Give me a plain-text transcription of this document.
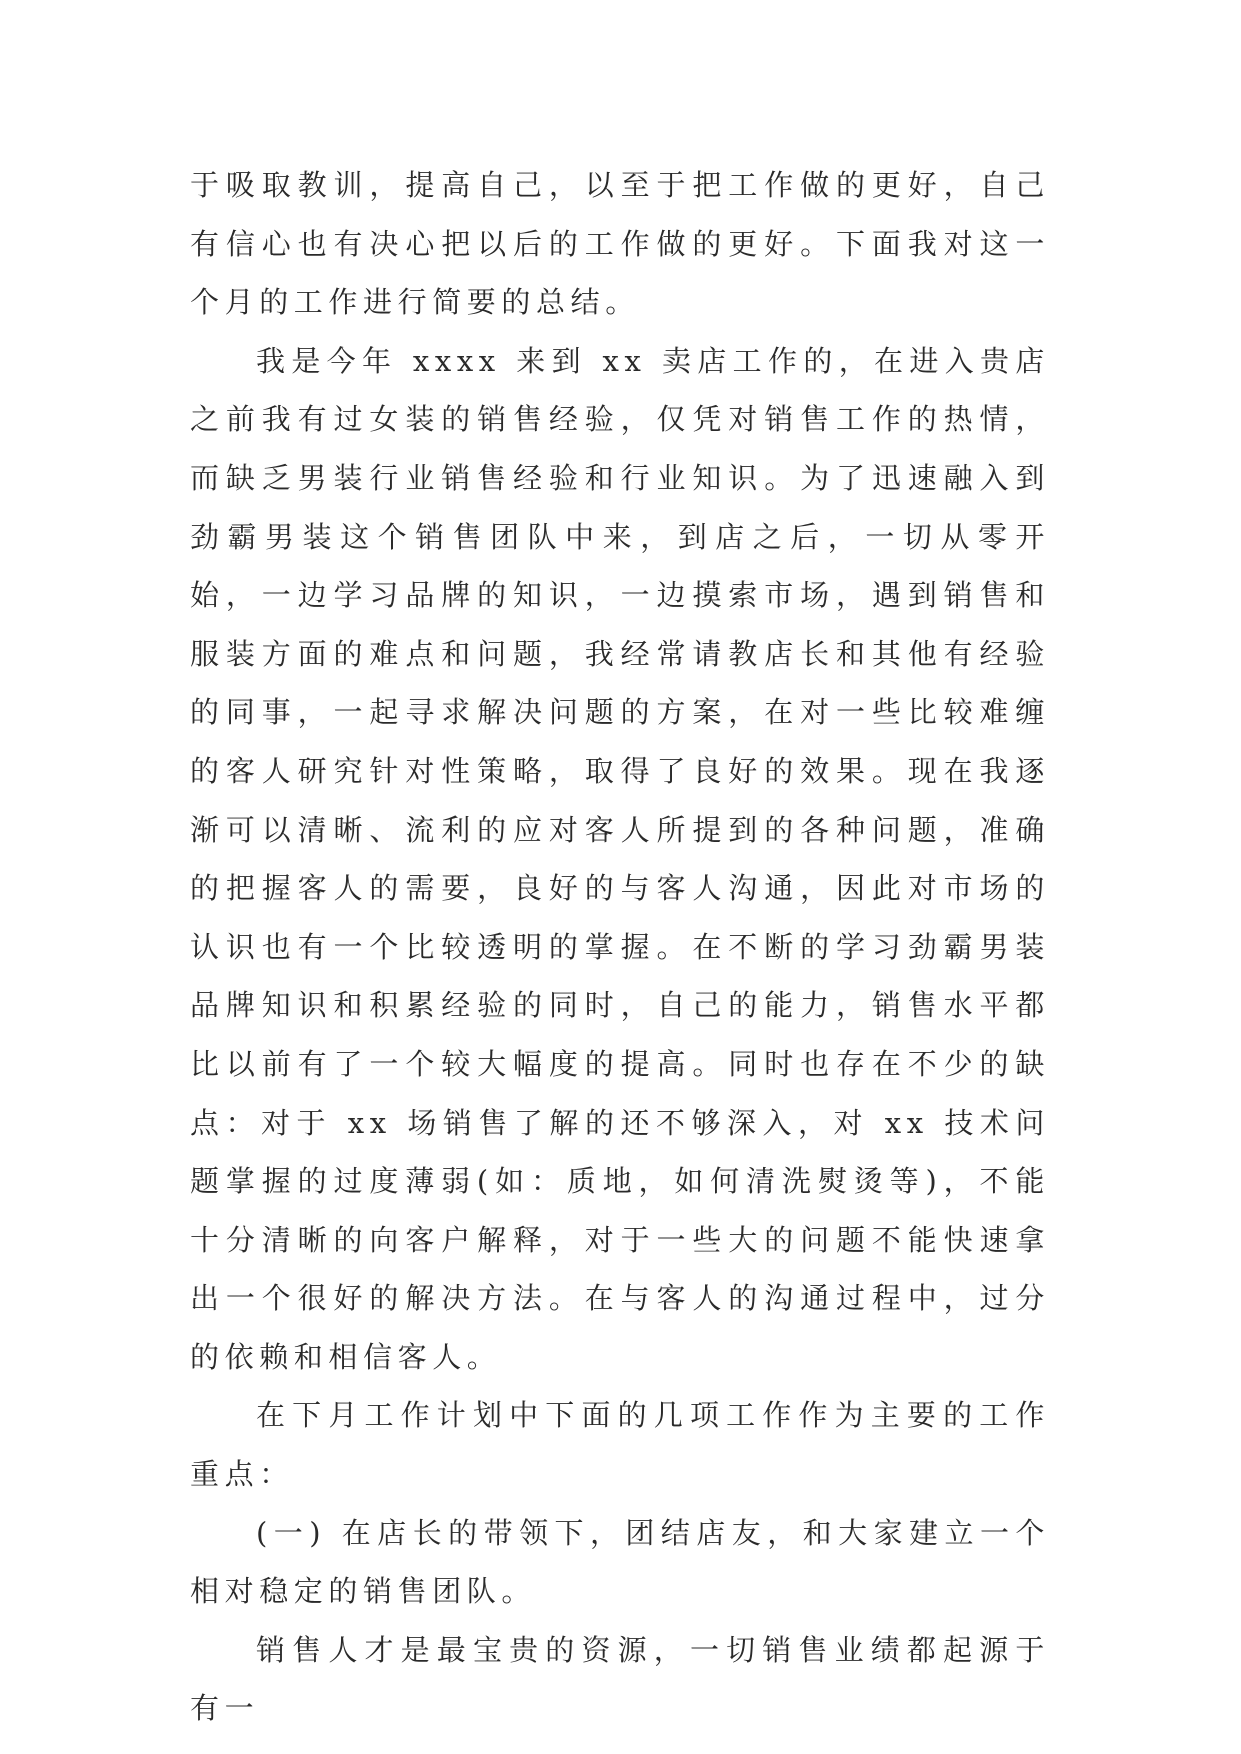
于吸取教训，提高自己，以至于把工作做的更好，自己有信心也有决心把以后的工作做的更好。下面我对这一个月的工作进行简要的总结。

我是今年 xxxx 来到 xx 卖店工作的，在进入贵店之前我有过女装的销售经验，仅凭对销售工作的热情，而缺乏男装行业销售经验和行业知识。为了迅速融入到劲霸男装这个销售团队中来，到店之后，一切从零开始，一边学习品牌的知识，一边摸索市场，遇到销售和服装方面的难点和问题，我经常请教店长和其他有经验的同事，一起寻求解决问题的方案，在对一些比较难缠的客人研究针对性策略，取得了良好的效果。现在我逐渐可以清晰、流利的应对客人所提到的各种问题，准确的把握客人的需要，良好的与客人沟通，因此对市场的认识也有一个比较透明的掌握。在不断的学习劲霸男装品牌知识和积累经验的同时，自己的能力，销售水平都比以前有了一个较大幅度的提高。同时也存在不少的缺点：对于 xx 场销售了解的还不够深入，对 xx 技术问题掌握的过度薄弱(如：质地，如何清洗熨烫等)，不能十分清晰的向客户解释，对于一些大的问题不能快速拿出一个很好的解决方法。在与客人的沟通过程中，过分的依赖和相信客人。

在下月工作计划中下面的几项工作作为主要的工作重点：

(一) 在店长的带领下，团结店友，和大家建立一个相对稳定的销售团队。

销售人才是最宝贵的资源，一切销售业绩都起源于有一
